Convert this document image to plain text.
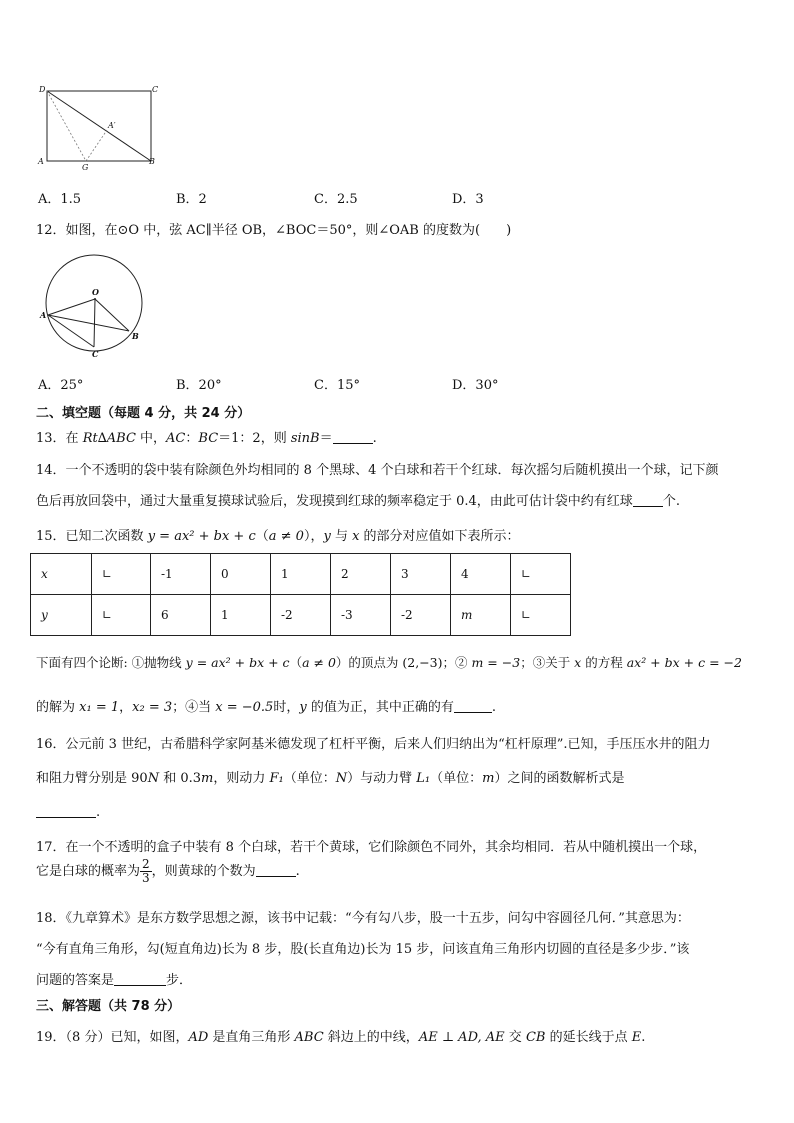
D	C
A	B
G
A′
A．1.5	B．2	C．2.5	D．3
12．如图，在⊙O 中，弦 AC∥半径 OB，∠BOC＝50°，则∠OAB 的度数为(　　)
O
A
B
C
A．25°	B．20°	C．15°	D．30°
二、填空题（每题 4 分，共 24 分）
13．在 Rt∆ABC 中，AC：BC＝1：2，则 sinB＝	.
14．一个不透明的袋中装有除颜色外均相同的 8 个黑球、4 个白球和若干个红球．每次摇匀后随机摸出一个球，记下颜
色后再放回袋中，通过大量重复摸球试验后，发现摸到红球的频率稳定于 0.4，由此可估计袋中约有红球 个.
15．已知二次函数 y = ax² + bx + c（a ≠ 0），y 与 x 的部分对应值如下表所示：
x	∟	-1	0	1	2	3	4	∟
y	∟	6	1	-2	-3	-2	m	∟
下面有四个论断: ①抛物线 y = ax² + bx + c（a ≠ 0）的顶点为 (2,−3)；② m = −3；③关于 x 的方程 ax² + bx + c = −2
的解为 x₁ = 1，x₂ = 3；④当 x = −0.5时，y 的值为正，其中正确的有	.
16．公元前 3 世纪，古希腊科学家阿基米德发现了杠杆平衡，后来人们归纳出为“杠杆原理”.已知，手压压水井的阻力
和阻力臂分别是 90N 和 0.3m，则动力 F₁（单位：N）与动力臂 L₁（单位：m）之间的函数解析式是
.
17．在一个不透明的盒子中装有 8 个白球，若干个黄球，它们除颜色不同外，其余均相同．若从中随机摸出一个球，
它是白球的概率为 $\frac{2}{3}$ ，则黄球的个数为	.
18．《九章算术》是东方数学思想之源，该书中记载：“今有勾八步，股一十五步，问勾中容圆径几何．”其意思为：
“今有直角三角形，勾(短直角边)长为 8 步，股(长直角边)长为 15 步，问该直角三角形内切圆的直径是多少步．”该
问题的答案是	步．
三、解答题（共 78 分）
19．（8 分）已知，如图，AD 是直角三角形 ABC 斜边上的中线，AE ⊥ AD, AE 交 CB 的延长线于点 E.
